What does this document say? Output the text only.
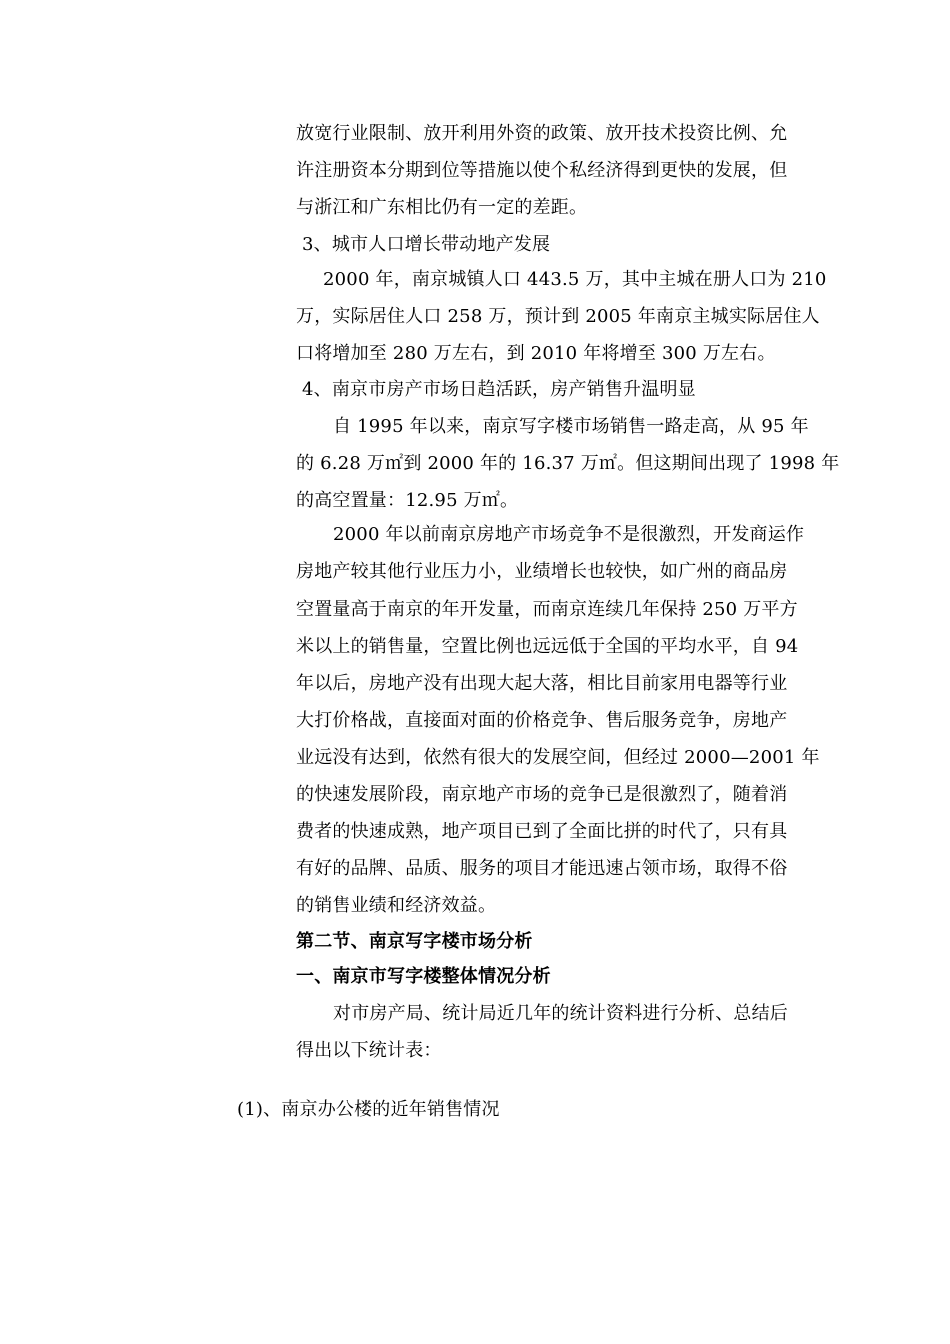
放宽行业限制、放开利用外资的政策、放开技术投资比例、允
许注册资本分期到位等措施以使个私经济得到更快的发展，但
与浙江和广东相比仍有一定的差距。
3、城市人口增长带动地产发展
2000 年，南京城镇人口 443.5 万，其中主城在册人口为 210
万，实际居住人口 258 万，预计到 2005 年南京主城实际居住人
口将增加至 280 万左右，到 2010 年将增至 300 万左右。
4、南京市房产市场日趋活跃，房产销售升温明显
自 1995 年以来，南京写字楼市场销售一路走高，从 95 年
的 6.28 万㎡到 2000 年的 16.37 万㎡。但这期间出现了 1998 年
的高空置量：12.95 万㎡。
2000 年以前南京房地产市场竞争不是很激烈，开发商运作
房地产较其他行业压力小，业绩增长也较快，如广州的商品房
空置量高于南京的年开发量，而南京连续几年保持 250 万平方
米以上的销售量，空置比例也远远低于全国的平均水平，自 94
年以后，房地产没有出现大起大落，相比目前家用电器等行业
大打价格战，直接面对面的价格竞争、售后服务竞争，房地产
业远没有达到，依然有很大的发展空间，但经过 2000—2001 年
的快速发展阶段，南京地产市场的竞争已是很激烈了，随着消
费者的快速成熟，地产项目已到了全面比拼的时代了，只有具
有好的品牌、品质、服务的项目才能迅速占领市场，取得不俗
的销售业绩和经济效益。
第二节、南京写字楼市场分析
一、南京市写字楼整体情况分析
对市房产局、统计局近几年的统计资料进行分析、总结后
得出以下统计表：
(1)、南京办公楼的近年销售情况
